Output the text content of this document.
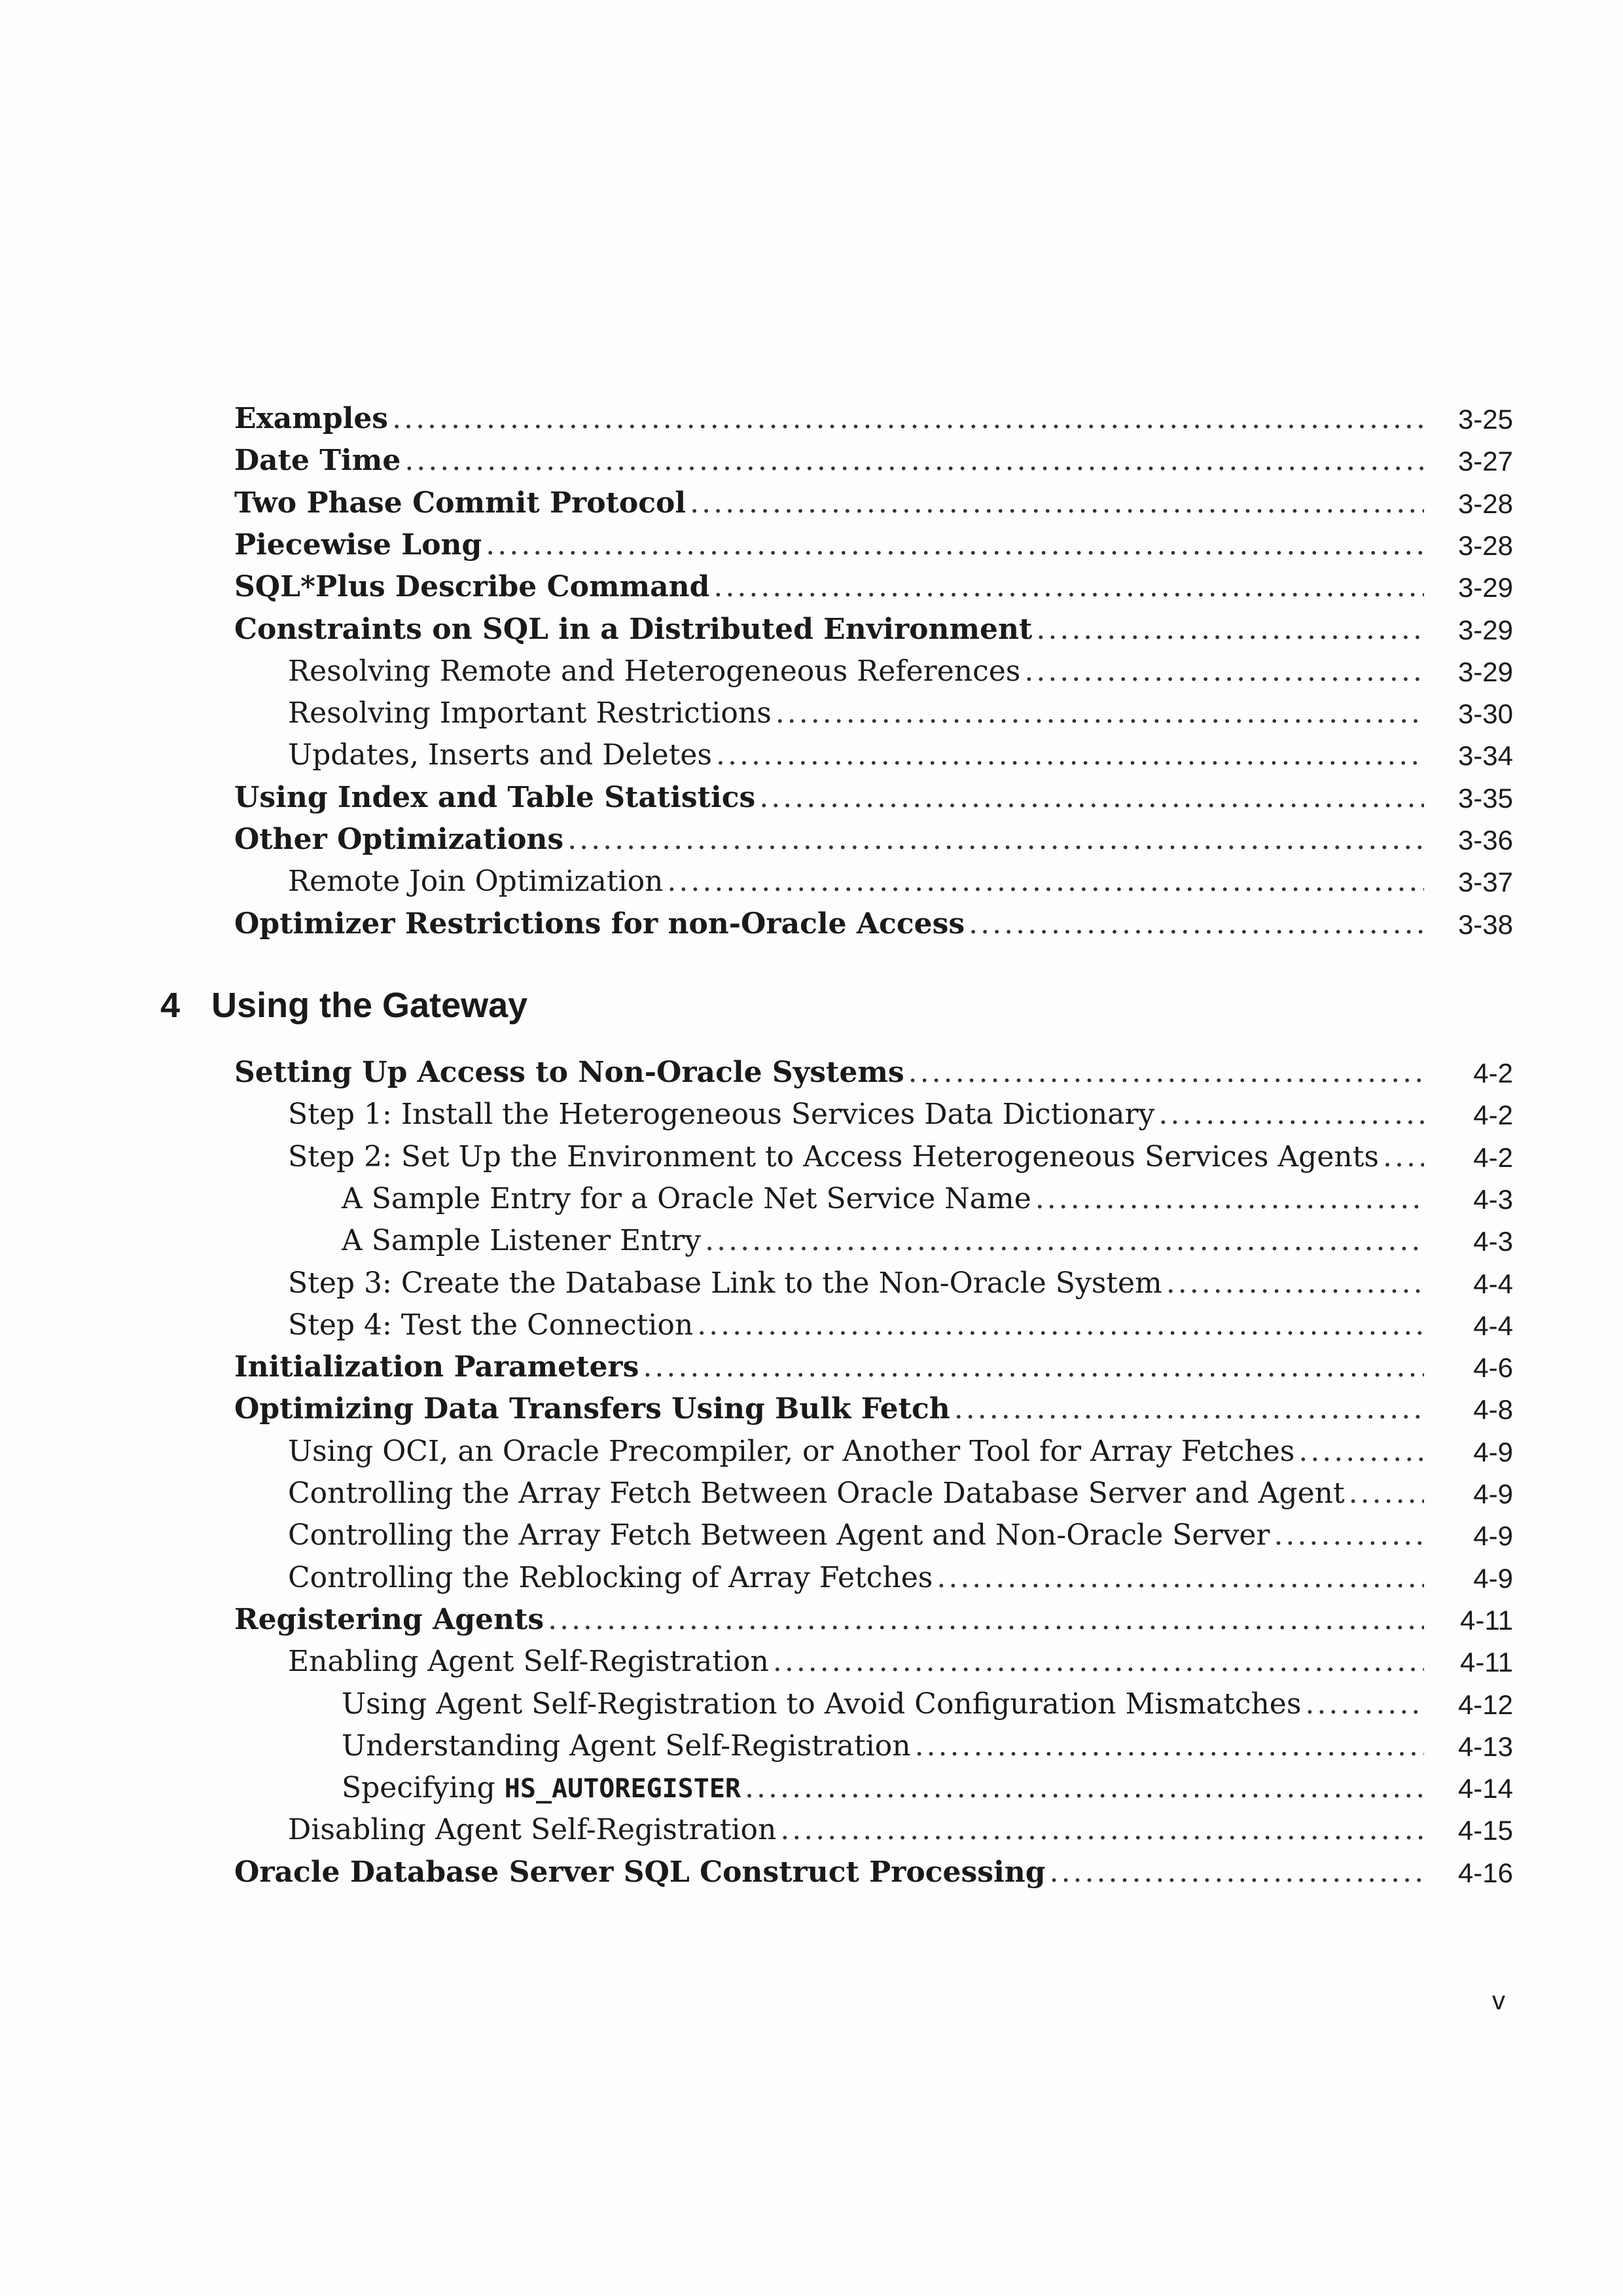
Examples .....	3-25
Date Time .....	3-27
Two Phase Commit Protocol .....	3-28
Piecewise Long .....	3-28
SQL*Plus Describe Command .....	3-29
Constraints on SQL in a Distributed Environment .....	3-29
Resolving Remote and Heterogeneous References .....	3-29
Resolving Important Restrictions .....	3-30
Updates, Inserts and Deletes .....	3-34
Using Index and Table Statistics .....	3-35
Other Optimizations .....	3-36
Remote Join Optimization .....	3-37
Optimizer Restrictions for non-Oracle Access .....	3-38
Setting Up Access to Non-Oracle Systems .....	4-2
Step 1: Install the Heterogeneous Services Data Dictionary .....	4-2
Step 2: Set Up the Environment to Access Heterogeneous Services Agents .....	4-2
A Sample Entry for a Oracle Net Service Name .....	4-3
A Sample Listener Entry .....	4-3
Step 3: Create the Database Link to the Non-Oracle System .....	4-4
Step 4: Test the Connection .....	4-4
Initialization Parameters .....	4-6
Optimizing Data Transfers Using Bulk Fetch .....	4-8
Using OCI, an Oracle Precompiler, or Another Tool for Array Fetches .....	4-9
Controlling the Array Fetch Between Oracle Database Server and Agent .....	4-9
Controlling the Array Fetch Between Agent and Non-Oracle Server .....	4-9
Controlling the Reblocking of Array Fetches .....	4-9
Registering Agents .....	4-11
Enabling Agent Self-Registration .....	4-11
Using Agent Self-Registration to Avoid Configuration Mismatches .....	4-12
Understanding Agent Self-Registration .....	4-13
Specifying HS_AUTOREGISTER .....	4-14
Disabling Agent Self-Registration .....	4-15
Oracle Database Server SQL Construct Processing .....	4-16
4 Using the Gateway
v
